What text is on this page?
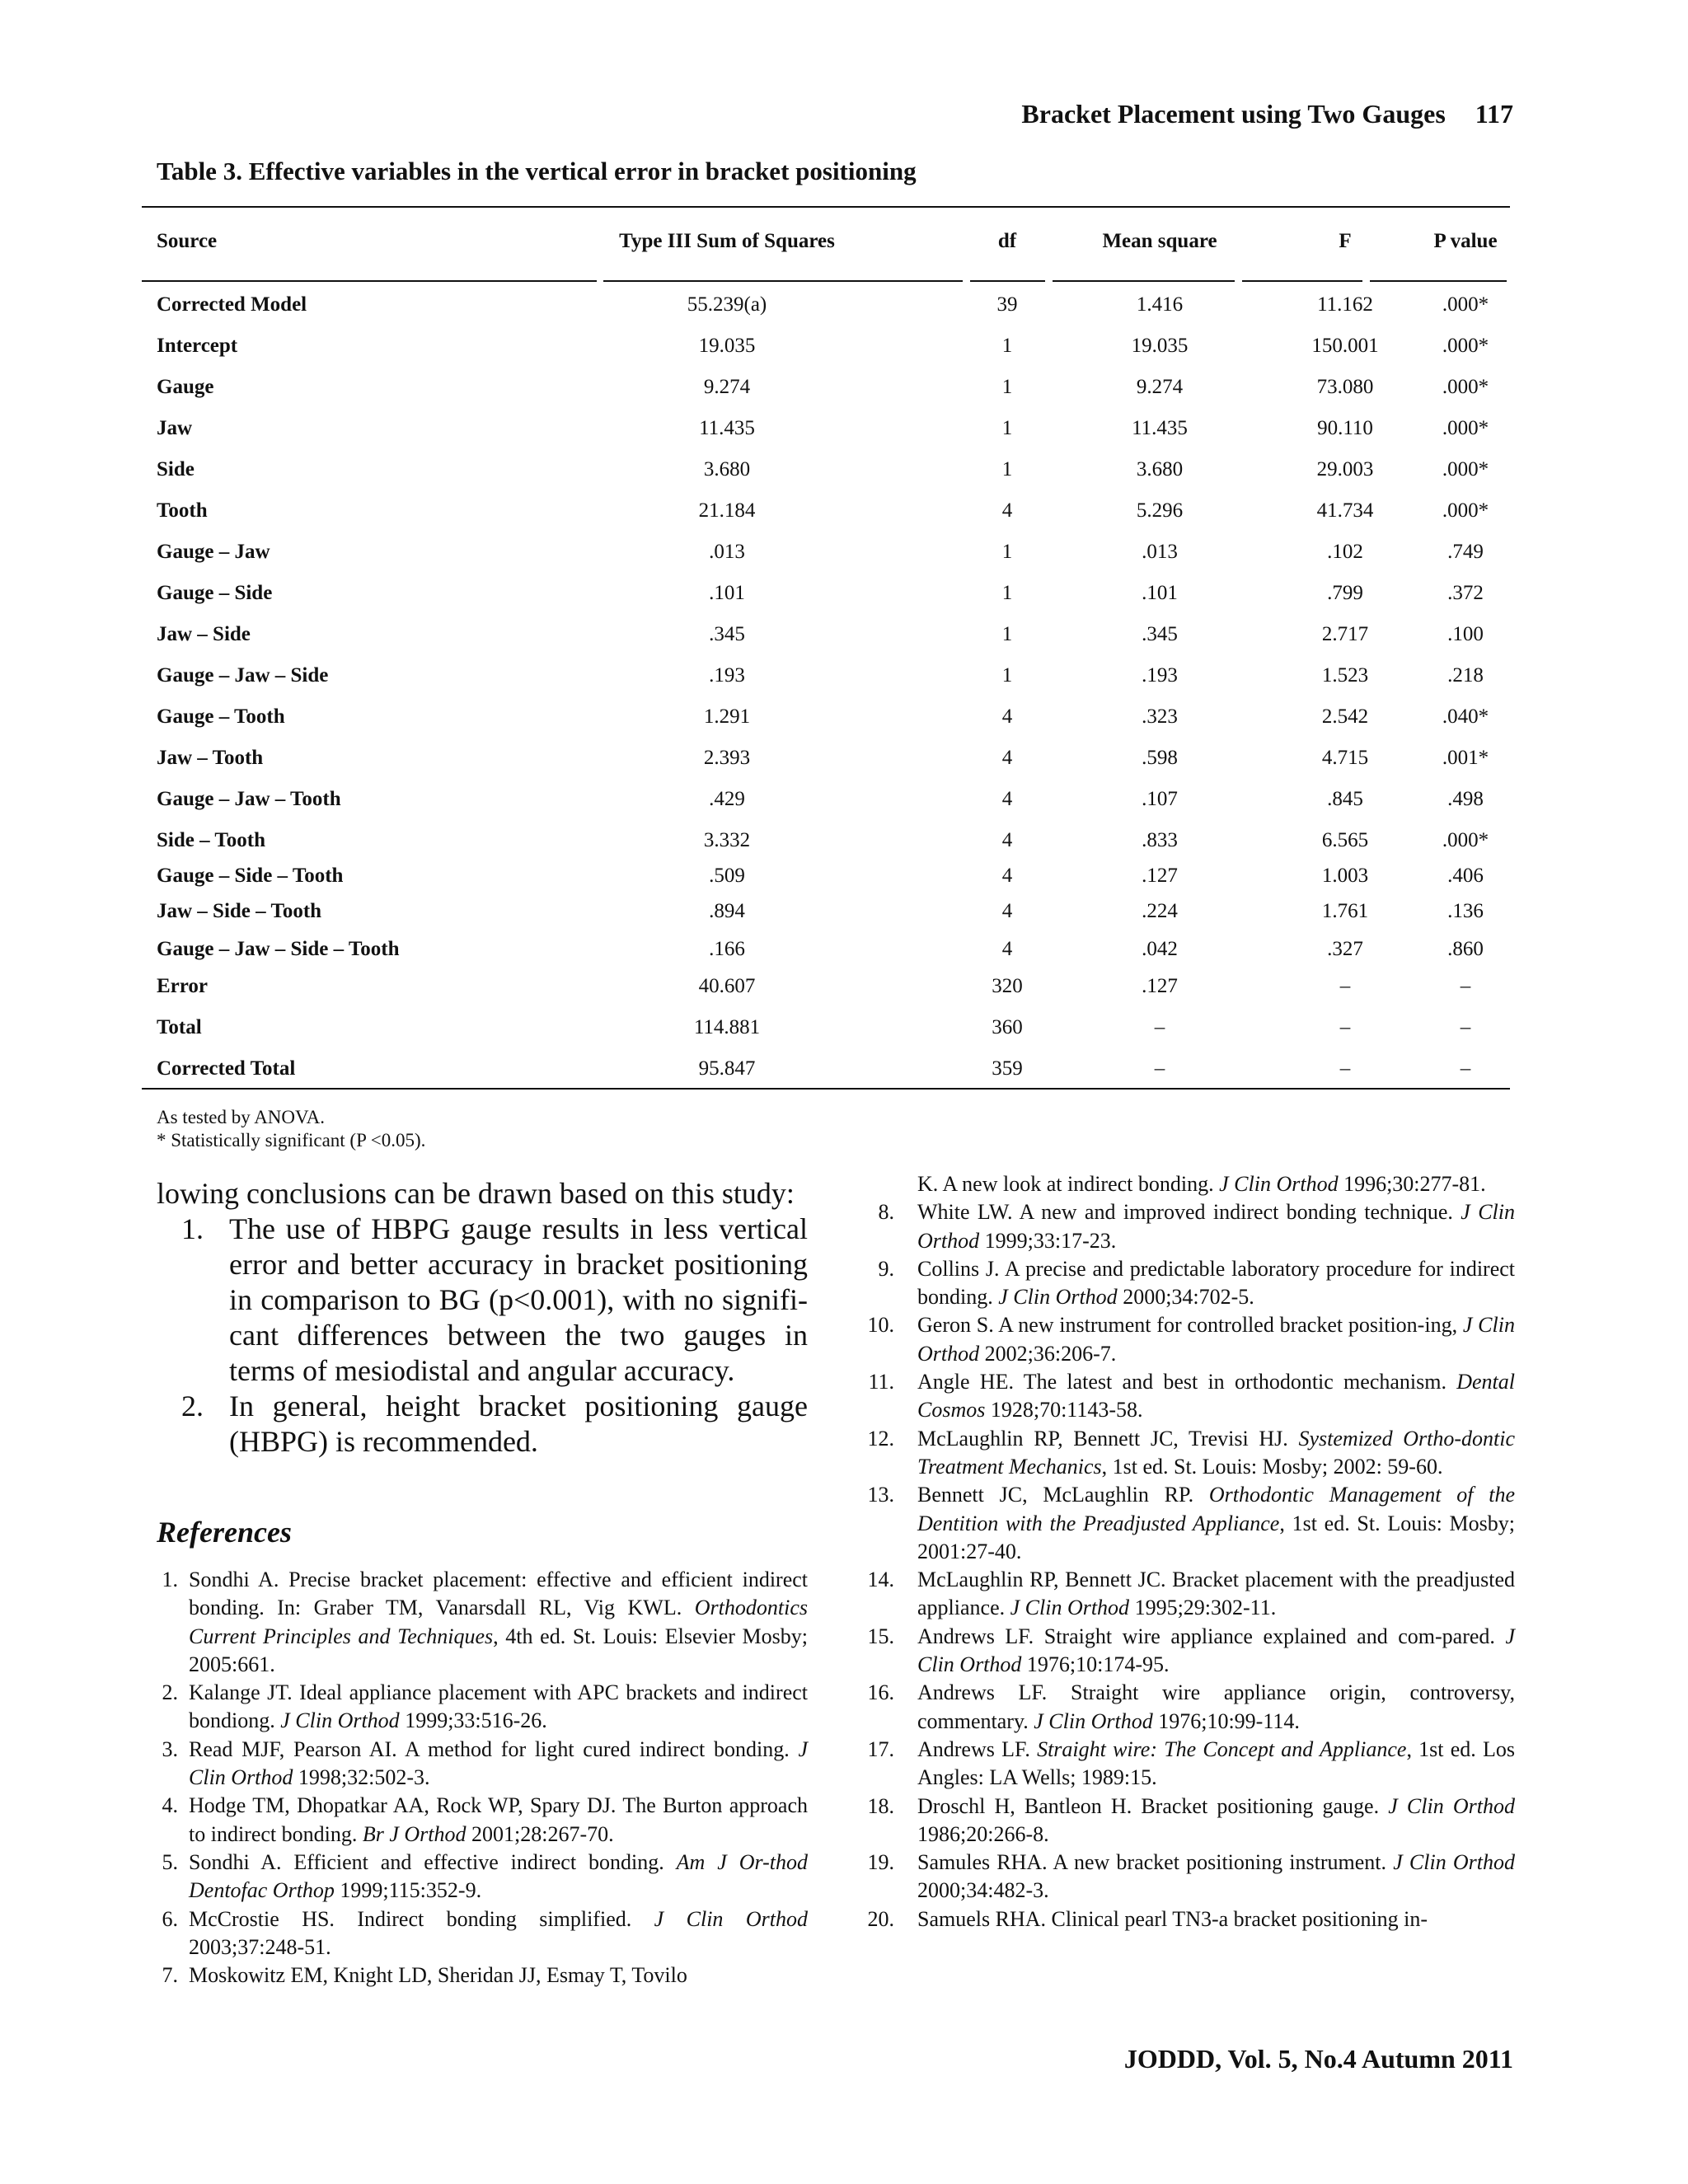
Bracket Placement using Two Gauges 117
Table 3. Effective variables in the vertical error in bracket positioning
Source	Type III Sum of Squares	df	Mean square	F	P value
Corrected Model	55.239(a)	39	1.416	11.162	.000*
Intercept	19.035	1	19.035	150.001	.000*
Gauge	9.274	1	9.274	73.080	.000*
Jaw	11.435	1	11.435	90.110	.000*
Side	3.680	1	3.680	29.003	.000*
Tooth	21.184	4	5.296	41.734	.000*
Gauge – Jaw	.013	1	.013	.102	.749
Gauge – Side	.101	1	.101	.799	.372
Jaw – Side	.345	1	.345	2.717	.100
Gauge – Jaw – Side	.193	1	.193	1.523	.218
Gauge – Tooth	1.291	4	.323	2.542	.040*
Jaw – Tooth	2.393	4	.598	4.715	.001*
Gauge – Jaw – Tooth	.429	4	.107	.845	.498
Side – Tooth	3.332	4	.833	6.565	.000*
Gauge – Side – Tooth	.509	4	.127	1.003	.406
Jaw – Side – Tooth	.894	4	.224	1.761	.136
Gauge – Jaw – Side – Tooth	.166	4	.042	.327	.860
Error	40.607	320	.127	–	–
Total	114.881	360	–	–	–
Corrected Total	95.847	359	–	–	–
As tested by ANOVA.
* Statistically significant (P <0.05).

lowing conclusions can be drawn based on this study:

1. The use of HBPG gauge results in less vertical error and better accuracy in bracket positioning in comparison to BG (p<0.001), with no signifi-cant differences between the two gauges in terms of mesiodistal and angular accuracy.
2. In general, height bracket positioning gauge (HBPG) is recommended.
References
1. Sondhi A. Precise bracket placement: effective and efficient indirect bonding. In: Graber TM, Vanarsdall RL, Vig KWL. Orthodontics Current Principles and Techniques, 4th ed. St. Louis: Elsevier Mosby; 2005:661.
2. Kalange JT. Ideal appliance placement with APC brackets and indirect bondiong. J Clin Orthod 1999;33:516-26.
3. Read MJF, Pearson AI. A method for light cured indirect bonding. J Clin Orthod 1998;32:502-3.
4. Hodge TM, Dhopatkar AA, Rock WP, Spary DJ. The Burton approach to indirect bonding. Br J Orthod 2001;28:267-70.
5. Sondhi A. Efficient and effective indirect bonding. Am J Or-thod Dentofac Orthop 1999;115:352-9.
6. McCrostie HS. Indirect bonding simplified. J Clin Orthod 2003;37:248-51.
7. Moskowitz EM, Knight LD, Sheridan JJ, Esmay T, Tovilo
K. A new look at indirect bonding. J Clin Orthod 1996;30:277-81.
8. White LW. A new and improved indirect bonding technique. J Clin Orthod 1999;33:17-23.
9. Collins J. A precise and predictable laboratory procedure for indirect bonding. J Clin Orthod 2000;34:702-5.
10. Geron S. A new instrument for controlled bracket position-ing, J Clin Orthod 2002;36:206-7.
11. Angle HE. The latest and best in orthodontic mechanism. Dental Cosmos 1928;70:1143-58.
12. McLaughlin RP, Bennett JC, Trevisi HJ. Systemized Ortho-dontic Treatment Mechanics, 1st ed. St. Louis: Mosby; 2002: 59-60.
13. Bennett JC, McLaughlin RP. Orthodontic Management of the Dentition with the Preadjusted Appliance, 1st ed. St. Louis: Mosby; 2001:27-40.
14. McLaughlin RP, Bennett JC. Bracket placement with the preadjusted appliance. J Clin Orthod 1995;29:302-11.
15. Andrews LF. Straight wire appliance explained and com-pared. J Clin Orthod 1976;10:174-95.
16. Andrews LF. Straight wire appliance origin, controversy, commentary. J Clin Orthod 1976;10:99-114.
17. Andrews LF. Straight wire: The Concept and Appliance, 1st ed. Los Angles: LA Wells; 1989:15.
18. Droschl H, Bantleon H. Bracket positioning gauge. J Clin Orthod 1986;20:266-8.
19. Samules RHA. A new bracket positioning instrument. J Clin Orthod 2000;34:482-3.
20. Samuels RHA. Clinical pearl TN3-a bracket positioning in-
JODDD, Vol. 5, No.4 Autumn 2011
